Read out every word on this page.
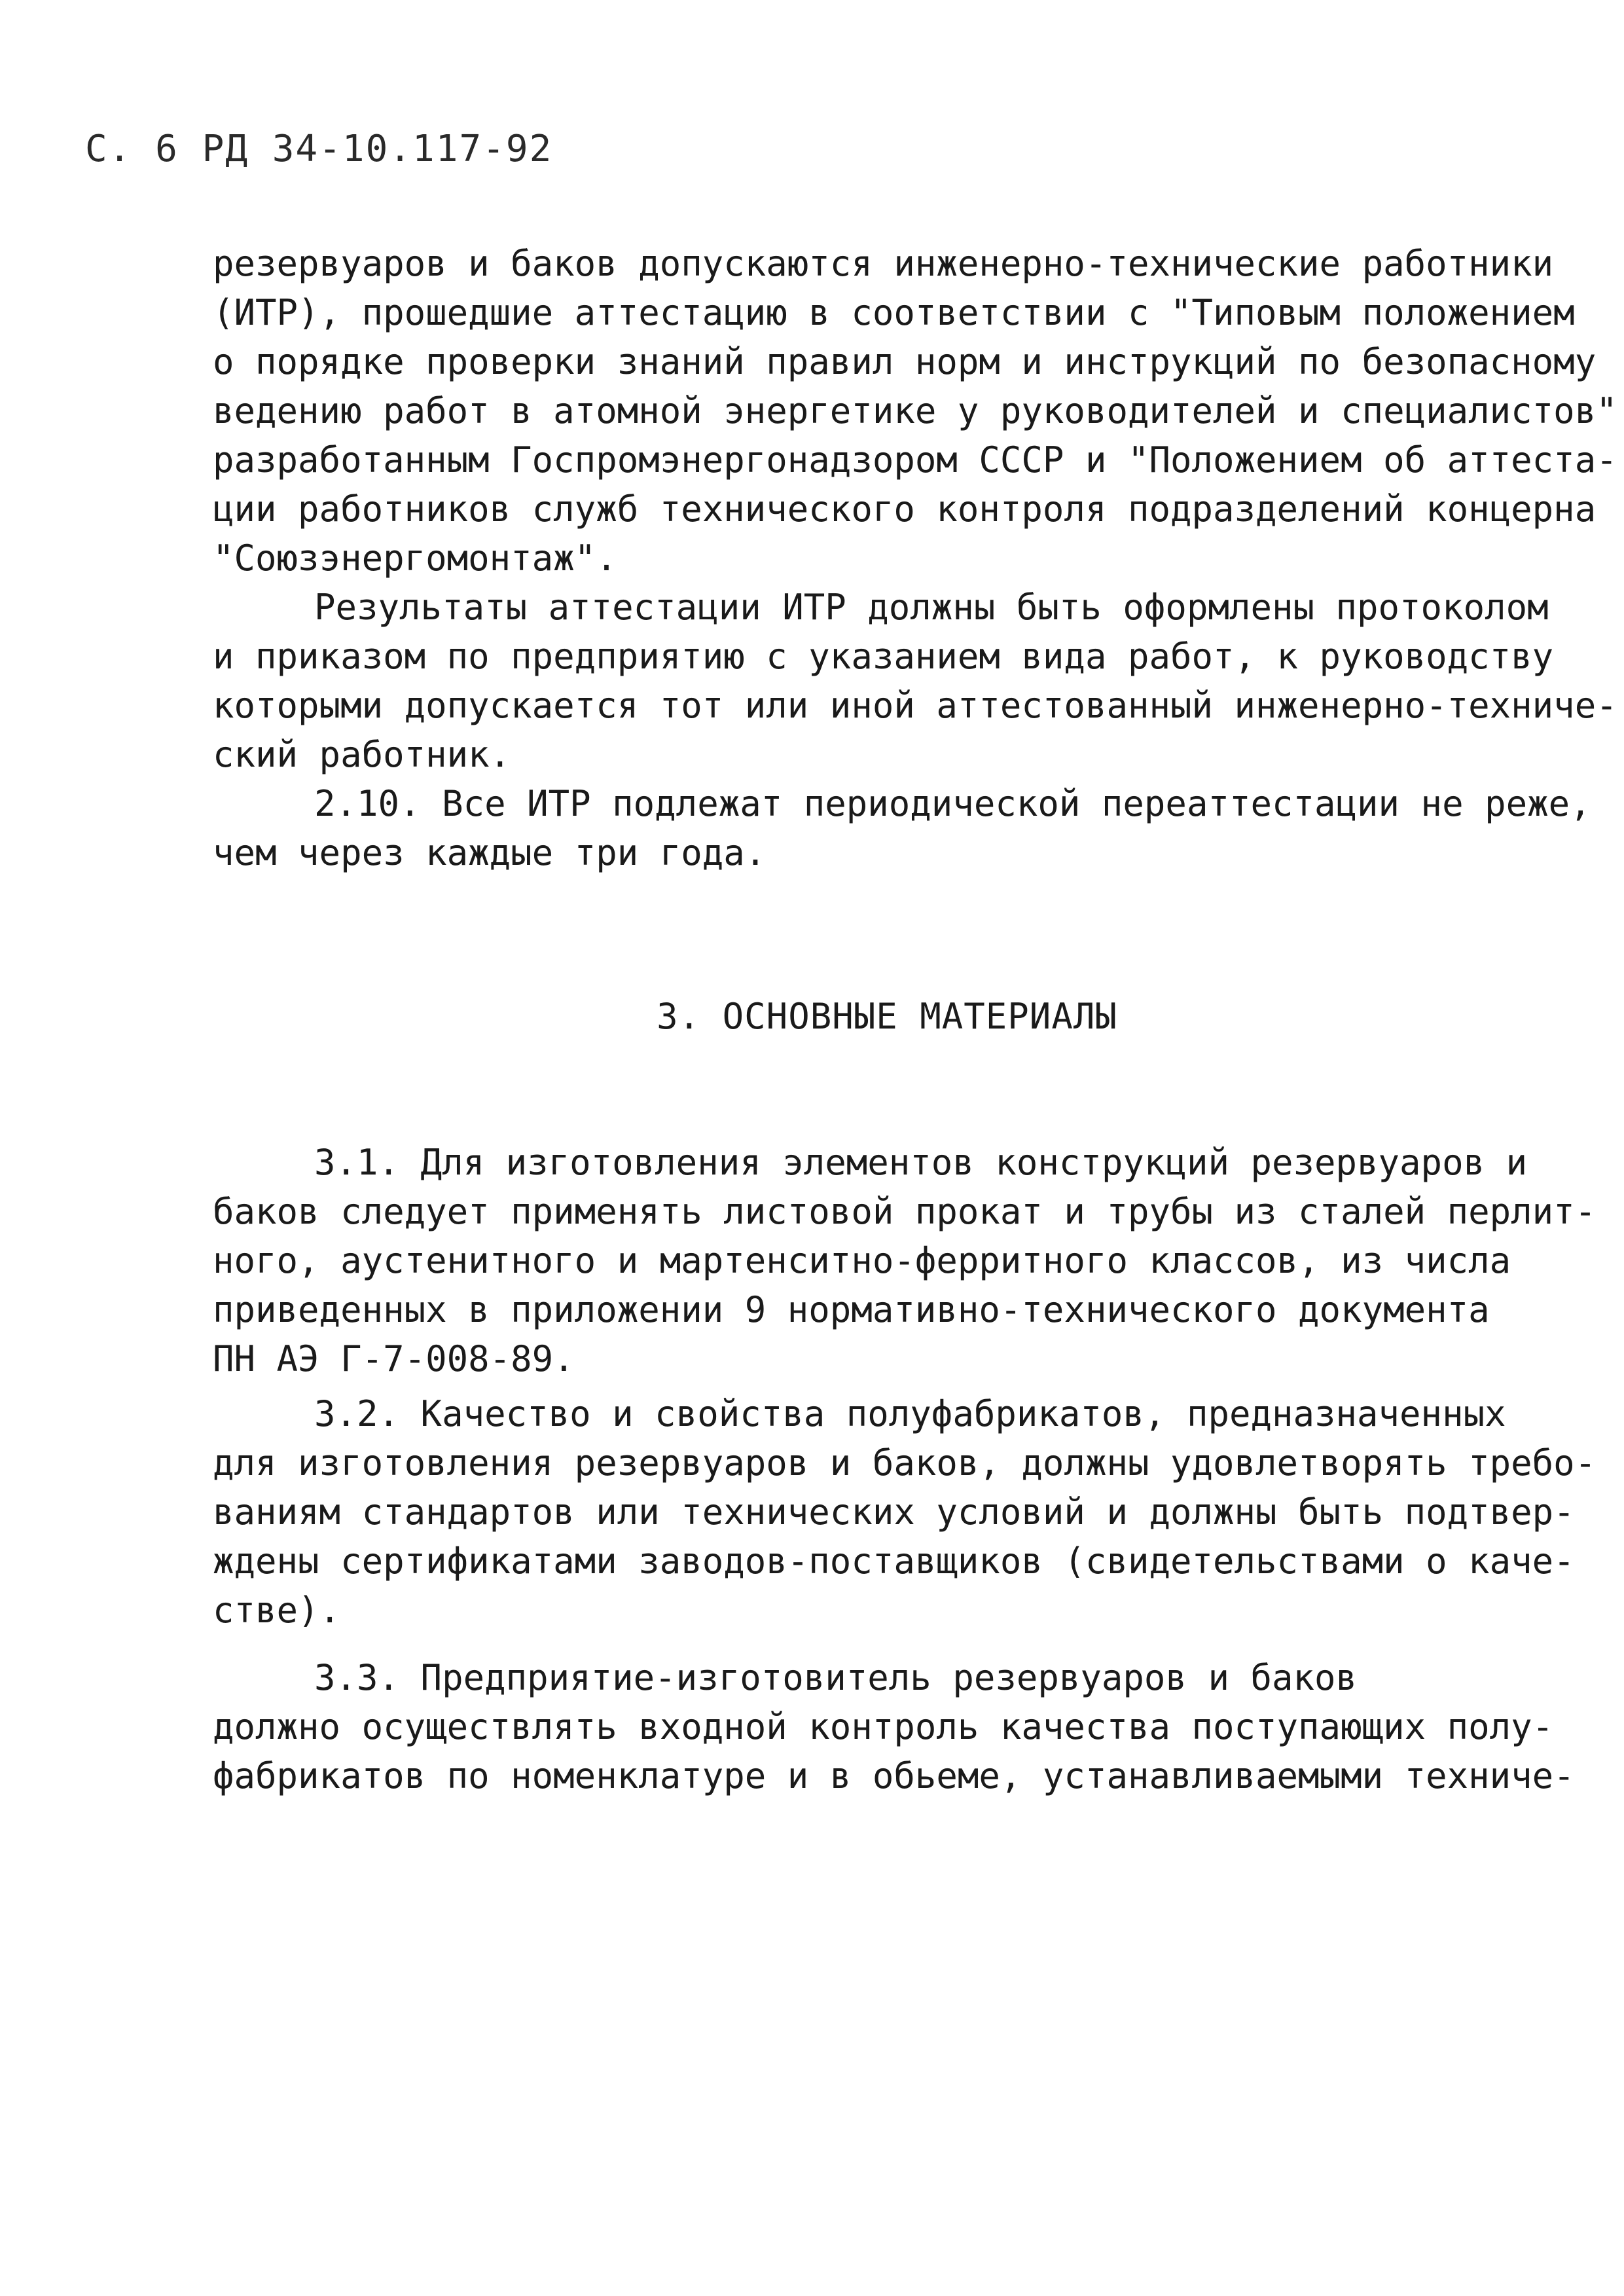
С. 6 РД 34-10.117-92
резервуаров и баков допускаются инженерно-технические работники
(ИТР), прошедшие аттестацию в соответствии с "Типовым положением
о порядке проверки знаний правил норм и инструкций по безопасному
ведению работ в атомной энергетике у руководителей и специалистов"
разработанным Госпромэнергонадзором СССР и "Положением об аттеста-
ции работников служб технического контроля подразделений концерна
"Союзэнергомонтаж".
Результаты аттестации ИТР должны быть оформлены протоколом
и приказом по предприятию с указанием вида работ, к руководству
которыми допускается тот или иной аттестованный инженерно-техниче-
ский работник.
2.10. Все ИТР подлежат периодической переаттестации не реже,
чем через каждые три года.
3. ОСНОВНЫЕ МАТЕРИАЛЫ
3.1. Для изготовления элементов конструкций резервуаров и
баков следует применять листовой прокат и трубы из сталей перлит-
ного, аустенитного и мартенситно-ферритного классов, из числа
приведенных в приложении 9 нормативно-технического документа
ПН АЭ Г-7-008-89.
3.2. Качество и свойства полуфабрикатов, предназначенных
для изготовления резервуаров и баков, должны удовлетворять требо-
ваниям стандартов или технических условий и должны быть подтвер-
ждены сертификатами заводов-поставщиков (свидетельствами о каче-
стве).
3.3. Предприятие-изготовитель резервуаров и баков
должно осуществлять входной контроль качества поступающих полу-
фабрикатов по номенклатуре и в обьеме, устанавливаемыми техниче-
